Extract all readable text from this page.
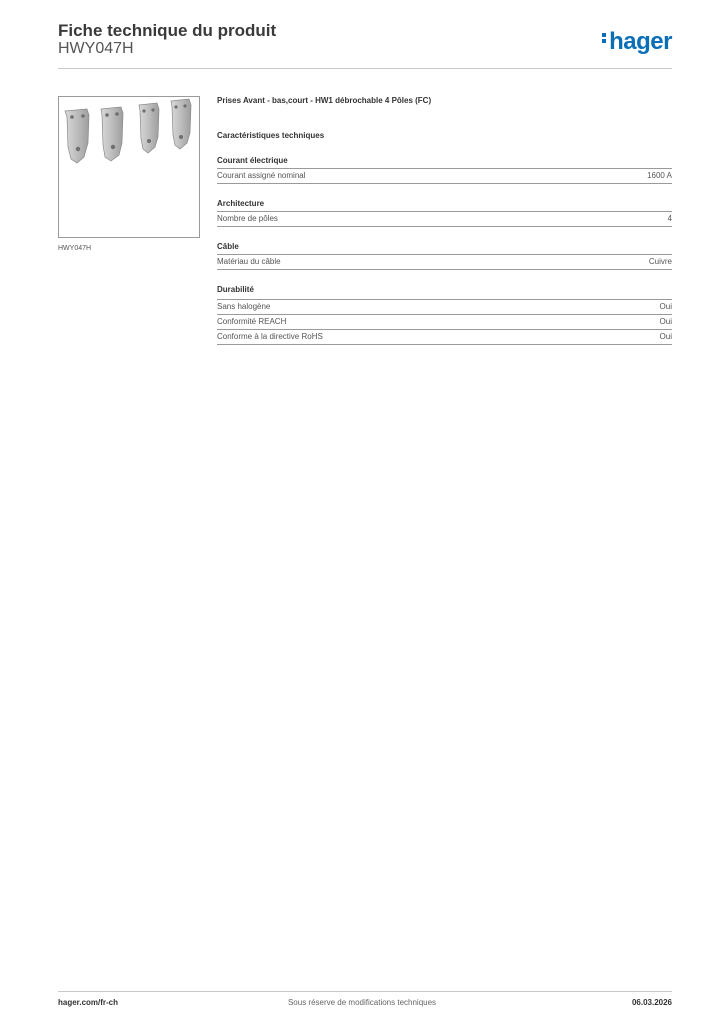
Fiche technique du produit
HWY047H	hager
HWY047H

Prises Avant - bas,court - HW1 débrochable 4 Pôles (FC)

Caractéristiques techniques
Courant électrique
Courant assigné nominal	1600 A
Architecture
Nombre de pôles	4
Câble
Matériau du câble	Cuivre
Durabilité
Sans halogène	Oui
Conformité REACH	Oui
Conforme à la directive RoHS	Oui
hager.com/fr-ch	Sous réserve de modifications techniques	06.03.2026
